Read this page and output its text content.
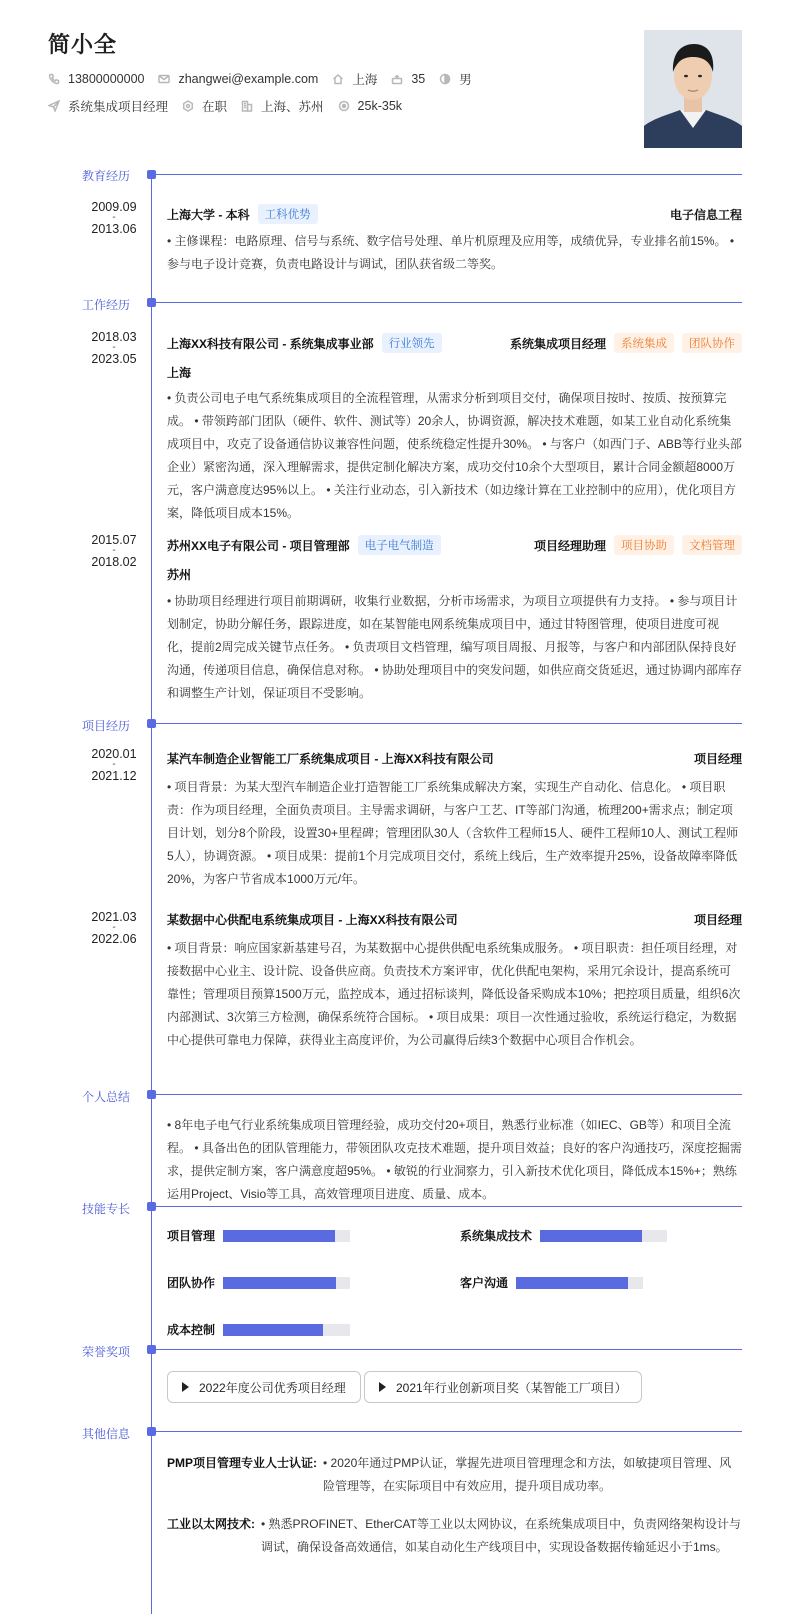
简小全
13800000000	zhangwei@example.com	上海	35	男
系统集成项目经理	在职	上海、苏州	25k-35k
教育经历
2009.09
-
2013.06
上海大学 - 本科	工科优势	电子信息工程
• 主修课程：电路原理、信号与系统、数字信号处理、单片机原理及应用等，成绩优异，专业排名前15%。 • 参与电子设计竞赛，负责电路设计与调试，团队获省级二等奖。
工作经历
2018.03
-
2023.05
上海XX科技有限公司 - 系统集成事业部	行业领先	系统集成项目经理	系统集成	团队协作
上海
• 负责公司电子电气系统集成项目的全流程管理，从需求分析到项目交付，确保项目按时、按质、按预算完成。 • 带领跨部门团队（硬件、软件、测试等）20余人，协调资源，解决技术难题，如某工业自动化系统集成项目中，攻克了设备通信协议兼容性问题，使系统稳定性提升30%。 • 与客户（如西门子、ABB等行业头部企业）紧密沟通，深入理解需求，提供定制化解决方案，成功交付10余个大型项目，累计合同金额超8000万元，客户满意度达95%以上。 • 关注行业动态，引入新技术（如边缘计算在工业控制中的应用），优化项目方案，降低项目成本15%。
2015.07
-
2018.02
苏州XX电子有限公司 - 项目管理部	电子电气制造	项目经理助理	项目协助	文档管理
苏州
• 协助项目经理进行项目前期调研，收集行业数据，分析市场需求，为项目立项提供有力支持。 • 参与项目计划制定，协助分解任务，跟踪进度，如在某智能电网系统集成项目中，通过甘特图管理，使项目进度可视化，提前2周完成关键节点任务。 • 负责项目文档管理，编写项目周报、月报等，与客户和内部团队保持良好沟通，传递项目信息，确保信息对称。 • 协助处理项目中的突发问题，如供应商交货延迟，通过协调内部库存和调整生产计划，保证项目不受影响。
项目经历
2020.01
-
2021.12
某汽车制造企业智能工厂系统集成项目 - 上海XX科技有限公司	项目经理
• 项目背景：为某大型汽车制造企业打造智能工厂系统集成解决方案，实现生产自动化、信息化。 • 项目职责：作为项目经理，全面负责项目。主导需求调研，与客户工艺、IT等部门沟通，梳理200+需求点；制定项目计划，划分8个阶段，设置30+里程碑；管理团队30人（含软件工程师15人、硬件工程师10人、测试工程师5人），协调资源。 • 项目成果：提前1个月完成项目交付，系统上线后，生产效率提升25%，设备故障率降低20%，为客户节省成本1000万元/年。
2021.03
-
2022.06
某数据中心供配电系统集成项目 - 上海XX科技有限公司	项目经理
• 项目背景：响应国家新基建号召，为某数据中心提供供配电系统集成服务。 • 项目职责：担任项目经理，对接数据中心业主、设计院、设备供应商。负责技术方案评审，优化供配电架构，采用冗余设计，提高系统可靠性；管理项目预算1500万元，监控成本，通过招标谈判，降低设备采购成本10%；把控项目质量，组织6次内部测试、3次第三方检测，确保系统符合国标。 • 项目成果：项目一次性通过验收，系统运行稳定，为数据中心提供可靠电力保障，获得业主高度评价，为公司赢得后续3个数据中心项目合作机会。
个人总结
• 8年电子电气行业系统集成项目管理经验，成功交付20+项目，熟悉行业标准（如IEC、GB等）和项目全流程。 • 具备出色的团队管理能力，带领团队攻克技术难题，提升项目效益；良好的客户沟通技巧，深度挖掘需求，提供定制方案，客户满意度超95%。 • 敏锐的行业洞察力，引入新技术优化项目，降低成本15%+；熟练运用Project、Visio等工具，高效管理项目进度、质量、成本。
技能专长
项目管理	系统集成技术
团队协作	客户沟通
成本控制
荣誉奖项
2022年度公司优秀项目经理	2021年行业创新项目奖（某智能工厂项目）
其他信息
PMP项目管理专业人士认证: • 2020年通过PMP认证，掌握先进项目管理理念和方法，如敏捷项目管理、风险管理等，在实际项目中有效应用，提升项目成功率。
工业以太网技术: • 熟悉PROFINET、EtherCAT等工业以太网协议，在系统集成项目中，负责网络架构设计与调试，确保设备高效通信，如某自动化生产线项目中，实现设备数据传输延迟小于1ms。
